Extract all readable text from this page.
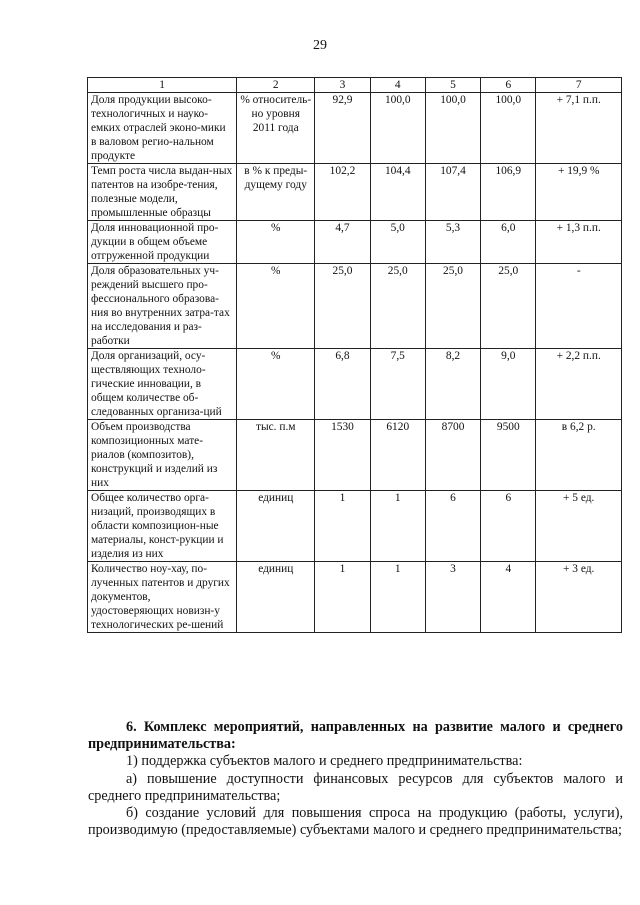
29
1	2	3	4	5	6	7
Доля продукции высоко-технологичных и науко-емких отраслей эконо-мики в валовом регио-нальном продукте	% относитель-но уровня 2011 года	92,9	100,0	100,0	100,0	+ 7,1 п.п.
Темп роста числа выдан-ных патентов на изобре-тения, полезные модели, промышленные образцы	в % к преды-дущему году	102,2	104,4	107,4	106,9	+ 19,9 %
Доля инновационной про-дукции в общем объеме отгруженной продукции	%	4,7	5,0	5,3	6,0	+ 1,3 п.п.
Доля образовательных уч-реждений высшего про-фессионального образова-ния во внутренних затра-тах на исследования и раз-работки	%	25,0	25,0	25,0	25,0	-
Доля организаций, осу-ществляющих техноло-гические инновации, в общем количестве об-следованных организа-ций	%	6,8	7,5	8,2	9,0	+ 2,2 п.п.
Объем производства композиционных мате-риалов (композитов), конструкций и изделий из них	тыс. п.м	1530	6120	8700	9500	в 6,2 р.
Общее количество орга-низаций, производящих в области композицион-ные материалы, конст-рукции и изделия из них	единиц	1	1	6	6	+ 5 ед.
Количество ноу-хау, по-лученных патентов и других документов, удостоверяющих новизн-у технологических ре-шений	единиц	1	1	3	4	+ 3 ед.

6. Комплекс мероприятий, направленных на развитие малого и среднего предпринимательства:

1) поддержка субъектов малого и среднего предпринимательства:

а) повышение доступности финансовых ресурсов для субъектов малого и среднего предпринимательства;

б) создание условий для повышения спроса на продукцию (работы, услуги), производимую (предоставляемые) субъектами малого и среднего предпринимательства;
